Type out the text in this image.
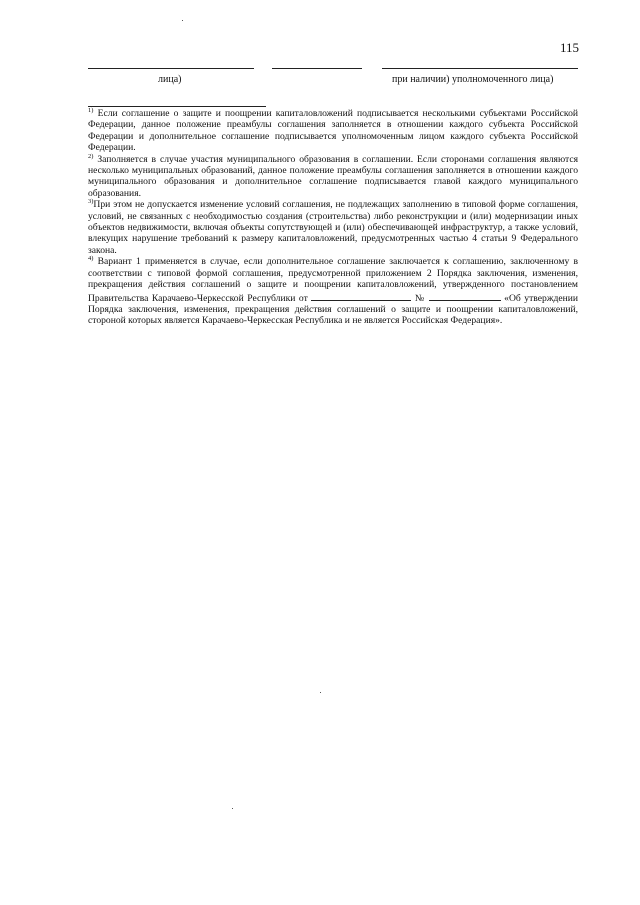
115
лица)	при наличии) уполномоченного лица)

$^{1)}$ Если соглашение о защите и поощрении капиталовложений подписывается несколькими субъектами Российской Федерации, данное положение преамбулы соглашения заполняется в отношении каждого субъекта Российской Федерации и дополнительное соглашение подписывается уполномоченным лицом каждого субъекта Российской Федерации.

$^{2)}$ Заполняется в случае участия муниципального образования в соглашении. Если сторонами соглашения являются несколько муниципальных образований, данное положение преамбулы соглашения заполняется в отношении каждого муниципального образования и дополнительное соглашение подписывается главой каждого муниципального образования.

$^{3)}$При этом не допускается изменение условий соглашения, не подлежащих заполнению в типовой форме соглашения, условий, не связанных с необходимостью создания (строительства) либо реконструкции и (или) модернизации иных объектов недвижимости, включая объекты сопутствующей и (или) обеспечивающей инфраструктур, а также условий, влекущих нарушение требований к размеру капиталовложений, предусмотренных частью 4 статьи 9 Федерального закона.

$^{4)}$ Вариант 1 применяется в случае, если дополнительное соглашение заключается к соглашению, заключенному в соответствии с типовой формой соглашения, предусмотренной приложением 2 Порядка заключения, изменения, прекращения действия соглашений о защите и поощрении капиталовложений, утвержденного постановлением Правительства Карачаево-Черкесской Республики от	№	«Об утверждении Порядка заключения, изменения, прекращения действия соглашений о защите и поощрении капиталовложений, стороной которых является Карачаево-Черкесская Республика и не является Российская Федерация».
